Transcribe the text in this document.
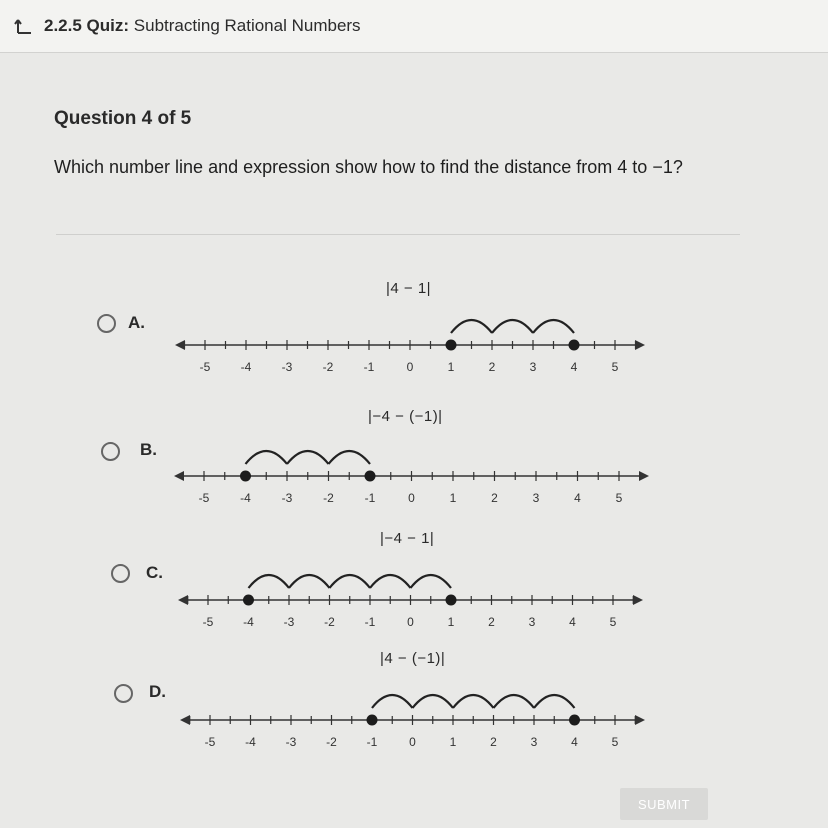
2.2.5 Quiz: Subtracting Rational Numbers
Question 4 of 5
Which number line and expression show how to find the distance from 4 to −1?
A.
|4 − 1|
-5	-4	-3	-2	-1	0	1	2	3	4	5
B.
|−4 − (−1)|
-5	-4	-3	-2	-1	0	1	2	3	4	5
C.
|−4 − 1|
-5 -4 -3 -2 -1	0	1	2	3	4	5
D.
|4 − (−1)|
-5 -4 -3 -2 -1	0	1	2	3	4	5
SUBMIT
